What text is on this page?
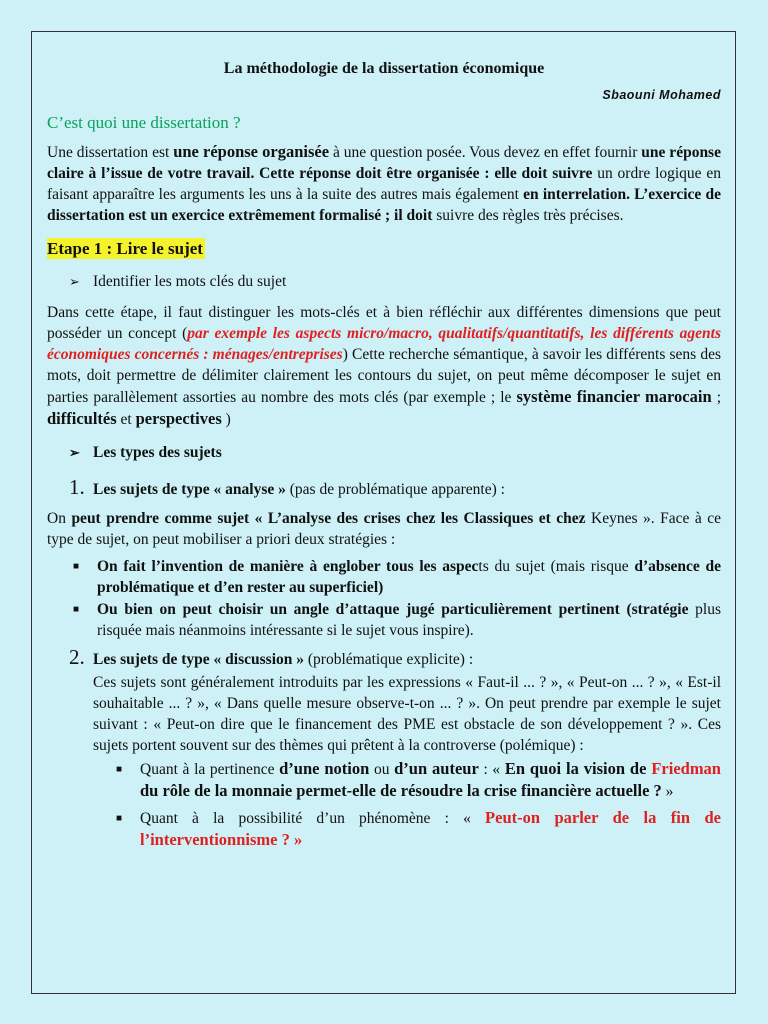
La méthodologie de la dissertation économique

Sbaouni Mohamed

C’est quoi une dissertation ?

Une dissertation est une réponse organisée à une question posée. Vous devez en effet fournir une réponse claire à l’issue de votre travail. Cette réponse doit être organisée : elle doit suivre un ordre logique en faisant apparaître les arguments les uns à la suite des autres mais également en interrelation. L’exercice de dissertation est un exercice extrêmement formalisé ; il doit suivre des règles très précises.

Etape 1 : Lire le sujet

➢ Identifier les mots clés du sujet

Dans cette étape, il faut distinguer les mots-clés et à bien réfléchir aux différentes dimensions que peut posséder un concept (par exemple les aspects micro/macro, qualitatifs/quantitatifs, les différents agents économiques concernés : ménages/entreprises) Cette recherche sémantique, à savoir les différents sens des mots, doit permettre de délimiter clairement les contours du sujet, on peut même décomposer le sujet en parties parallèlement assorties au nombre des mots clés (par exemple ; le système financier marocain ; difficultés et perspectives )

➢ Les types des sujets

1. Les sujets de type « analyse » (pas de problématique apparente) :

On peut prendre comme sujet « L’analyse des crises chez les Classiques et chez Keynes ». Face à ce type de sujet, on peut mobiliser a priori deux stratégies :

■ On fait l’invention de manière à englober tous les aspects du sujet (mais risque d’absence de problématique et d’en rester au superficiel)
■ Ou bien on peut choisir un angle d’attaque jugé particulièrement pertinent (stratégie plus risquée mais néanmoins intéressante si le sujet vous inspire).

2. Les sujets de type « discussion » (problématique explicite) :

Ces sujets sont généralement introduits par les expressions « Faut-il ... ? », « Peut-on ... ? », « Est-il souhaitable ... ? », « Dans quelle mesure observe-t-on ... ? ». On peut prendre par exemple le sujet suivant : « Peut-on dire que le financement des PME est obstacle de son développement ? ». Ces sujets portent souvent sur des thèmes qui prêtent à la controverse (polémique) :

■ Quant à la pertinence d’une notion ou d’un auteur : « En quoi la vision de Friedman du rôle de la monnaie permet-elle de résoudre la crise financière actuelle ? »
■ Quant à la possibilité d’un phénomène : « Peut-on parler de la fin de l’interventionnisme ? »
